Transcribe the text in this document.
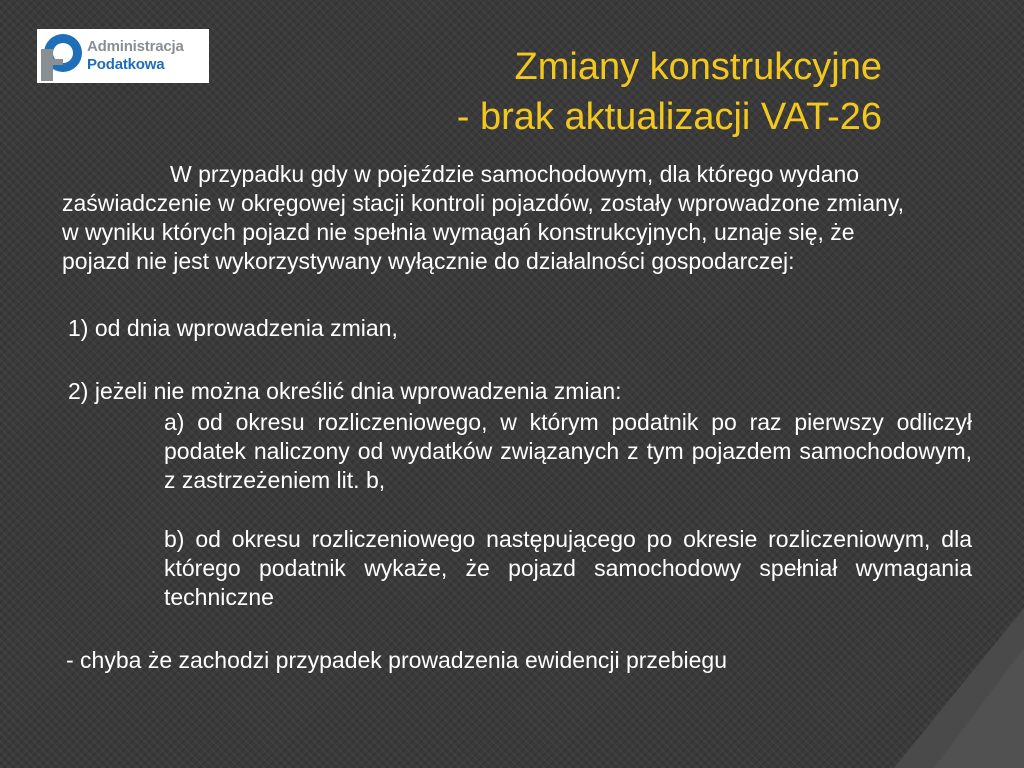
Administracja
Podatkowa	Zmiany konstrukcyjne
- brak aktualizacji VAT-26

W przypadku gdy w pojeździe samochodowym, dla którego wydano zaświadczenie w okręgowej stacji kontroli pojazdów, zostały wprowadzone zmiany, w wyniku których pojazd nie spełnia wymagań konstrukcyjnych, uznaje się, że pojazd nie jest wykorzystywany wyłącznie do działalności gospodarczej:

1) od dnia wprowadzenia zmian,

2) jeżeli nie można określić dnia wprowadzenia zmian:

a) od okresu rozliczeniowego, w którym podatnik po raz pierwszy odliczył podatek naliczony od wydatków związanych z tym pojazdem samochodowym, z zastrzeżeniem lit. b,

b) od okresu rozliczeniowego następującego po okresie rozliczeniowym, dla którego podatnik wykaże, że pojazd samochodowy spełniał wymagania techniczne

- chyba że zachodzi przypadek prowadzenia ewidencji przebiegu
